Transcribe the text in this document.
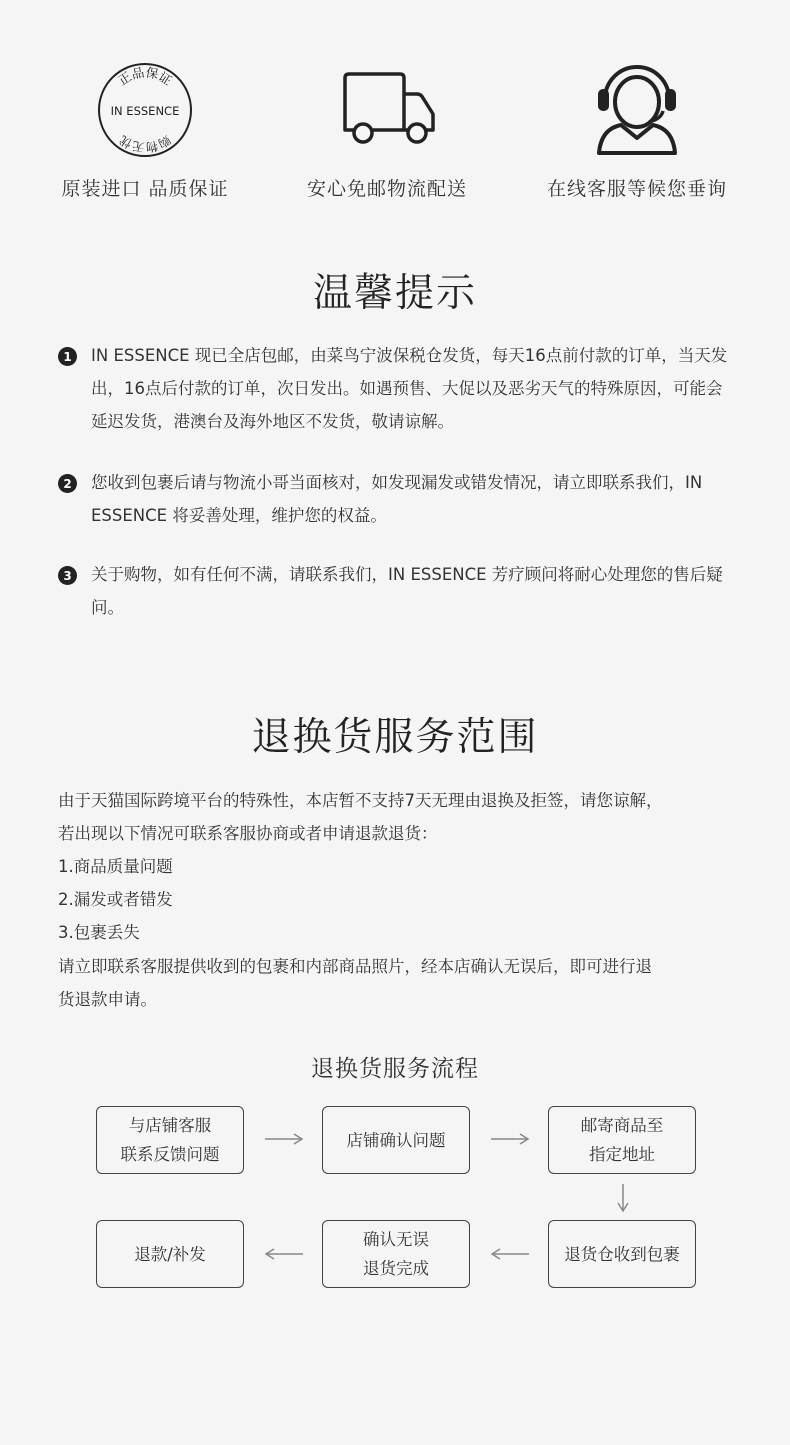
正品保证
IN ESSENCE
购物无忧
原装进口 品质保证	安心免邮物流配送	在线客服等候您垂询
温馨提示
1	IN ESSENCE 现已全店包邮，由菜鸟宁波保税仓发货，每天16点前付款的订单，当天发出，16点后付款的订单，次日发出。如遇预售、大促以及恶劣天气的特殊原因，可能会延迟发货，港澳台及海外地区不发货，敬请谅解。
2	您收到包裹后请与物流小哥当面核对，如发现漏发或错发情况，请立即联系我们，IN ESSENCE 将妥善处理，维护您的权益。
3	关于购物，如有任何不满，请联系我们，IN ESSENCE 芳疗顾问将耐心处理您的售后疑问。
退换货服务范围
由于天猫国际跨境平台的特殊性，本店暂不支持7天无理由退换及拒签，请您谅解，
若出现以下情况可联系客服协商或者申请退款退货：
1.商品质量问题
2.漏发或者错发
3.包裹丢失
请立即联系客服提供收到的包裹和内部商品照片，经本店确认无误后，即可进行退
货退款申请。
退换货服务流程
与店铺客服
联系反馈问题
店铺确认问题
邮寄商品至
指定地址
退货仓收到包裹
确认无误
退货完成
退款/补发
